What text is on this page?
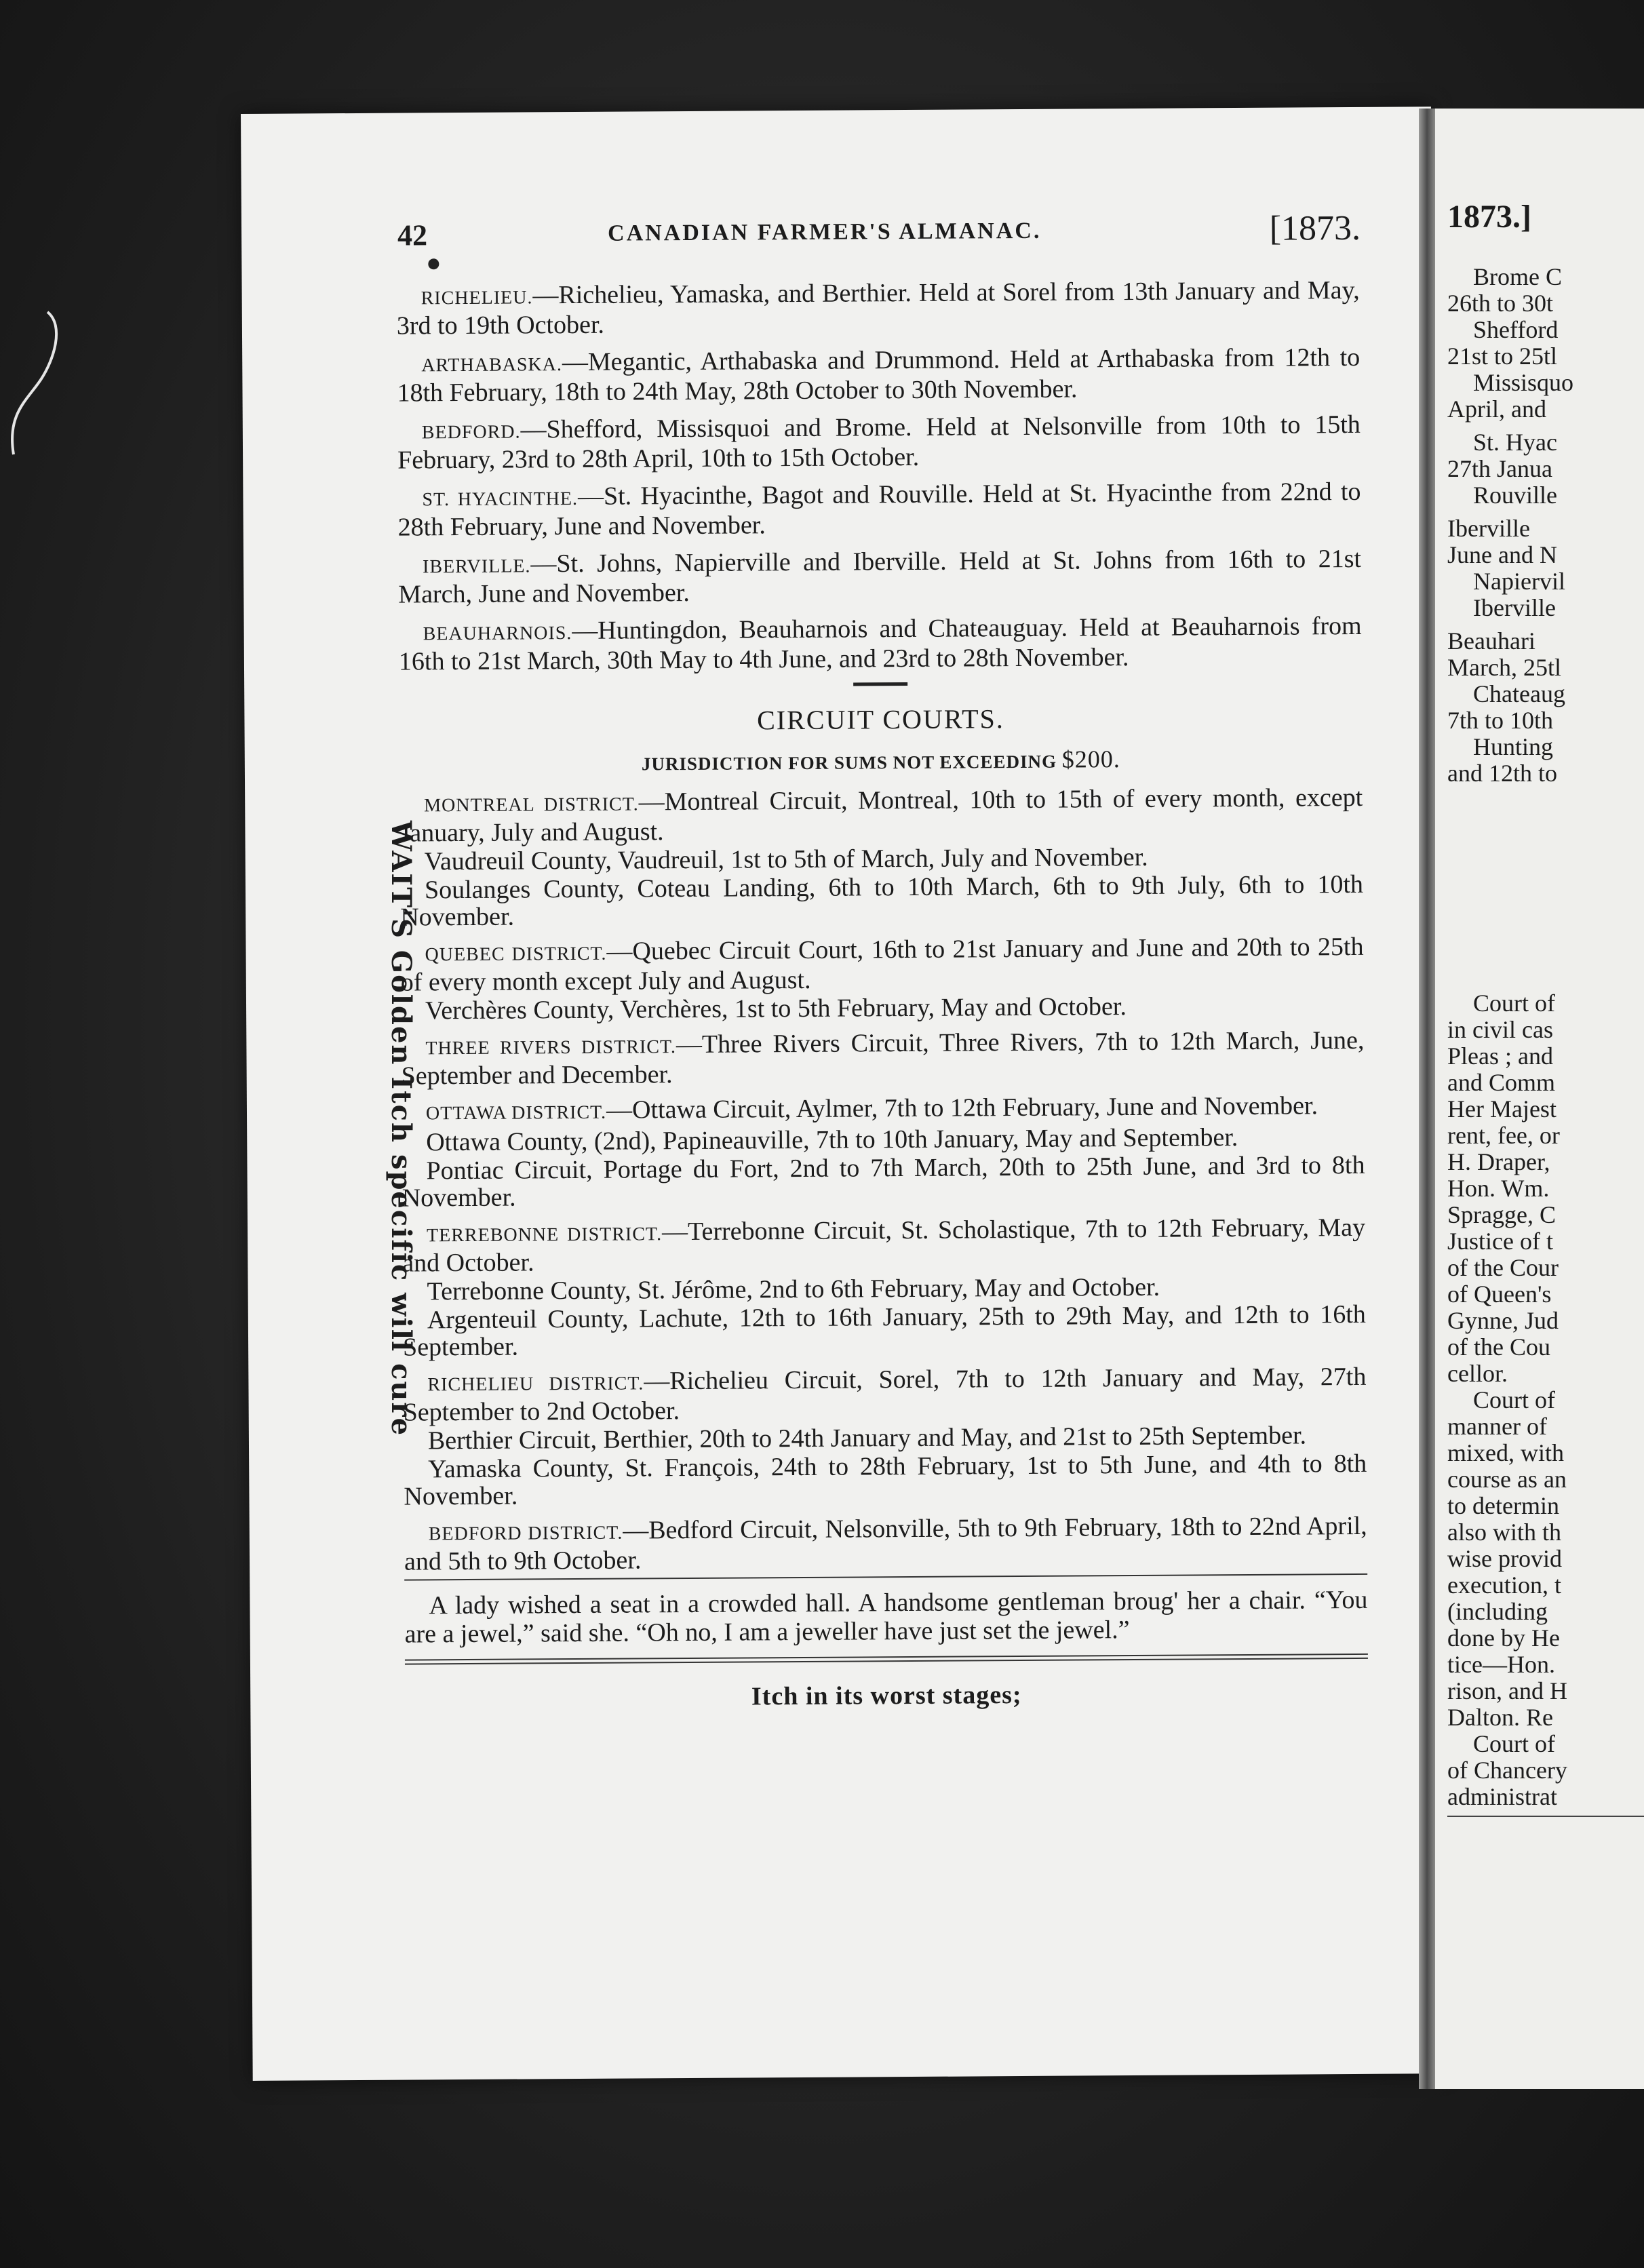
42	CANADIAN FARMER'S ALMANAC.	[1873.

RICHELIEU.—Richelieu, Yamaska, and Berthier. Held at Sorel from 13th January and May, 3rd to 19th October.

ARTHABASKA.—Megantic, Arthabaska and Drummond. Held at Arthabaska from 12th to 18th February, 18th to 24th May, 28th October to 30th November.

BEDFORD.—Shefford, Missisquoi and Brome. Held at Nelsonville from 10th to 15th February, 23rd to 28th April, 10th to 15th October.

ST. HYACINTHE.—St. Hyacinthe, Bagot and Rouville. Held at St. Hyacinthe from 22nd to 28th February, June and November.

IBERVILLE.—St. Johns, Napierville and Iberville. Held at St. Johns from 16th to 21st March, June and November.

BEAUHARNOIS.—Huntingdon, Beauharnois and Chateauguay. Held at Beauharnois from 16th to 21st March, 30th May to 4th June, and 23rd to 28th November.

CIRCUIT COURTS.
JURISDICTION FOR SUMS NOT EXCEEDING $200.

MONTREAL DISTRICT.—Montreal Circuit, Montreal, 10th to 15th of every month, except January, July and August.

Vaudreuil County, Vaudreuil, 1st to 5th of March, July and November.

Soulanges County, Coteau Landing, 6th to 10th March, 6th to 9th July, 6th to 10th November.

QUEBEC DISTRICT.—Quebec Circuit Court, 16th to 21st January and June and 20th to 25th of every month except July and August.

Verchères County, Verchères, 1st to 5th February, May and October.

THREE RIVERS DISTRICT.—Three Rivers Circuit, Three Rivers, 7th to 12th March, June, September and December.

OTTAWA DISTRICT.—Ottawa Circuit, Aylmer, 7th to 12th February, June and November.

Ottawa County, (2nd), Papineauville, 7th to 10th January, May and September.

Pontiac Circuit, Portage du Fort, 2nd to 7th March, 20th to 25th June, and 3rd to 8th November.

TERREBONNE DISTRICT.—Terrebonne Circuit, St. Scholastique, 7th to 12th February, May and October.

Terrebonne County, St. Jérôme, 2nd to 6th February, May and October.

Argenteuil County, Lachute, 12th to 16th January, 25th to 29th May, and 12th to 16th September.

RICHELIEU DISTRICT.—Richelieu Circuit, Sorel, 7th to 12th January and May, 27th September to 2nd October.

Berthier Circuit, Berthier, 20th to 24th January and May, and 21st to 25th September.

Yamaska County, St. François, 24th to 28th February, 1st to 5th June, and 4th to 8th November.

BEDFORD DISTRICT.—Bedford Circuit, Nelsonville, 5th to 9th February, 18th to 22nd April, and 5th to 9th October.

A lady wished a seat in a crowded hall. A handsome gentleman broug' her a chair. “You are a jewel,” said she. “Oh no, I am a jeweller have just set the jewel.”

Itch in its worst stages;
WAIT'S Golden Itch specific will cure
1873.]
Brome C
26th to 30t
Shefford
21st to 25tl
Missisquo
April, and
St. Hyac
27th Janua
Rouville
Iberville
June and N
Napiervil
Iberville
Beauhari
March, 25tl
Chateaug
7th to 10th
Hunting
and 12th to
Court of
in civil cas
Pleas ; and
and Comm
Her Majest
rent, fee, or
H. Draper,
Hon. Wm.
Spragge, C
Justice of t
of the Cour
of Queen's
Gynne, Jud
of the Cou
cellor.
Court of
manner of
mixed, with
course as an
to determin
also with th
wise provid
execution, t
(including
done by He
tice—Hon.
rison, and H
Dalton. Re
Court of
of Chancery
administrat
